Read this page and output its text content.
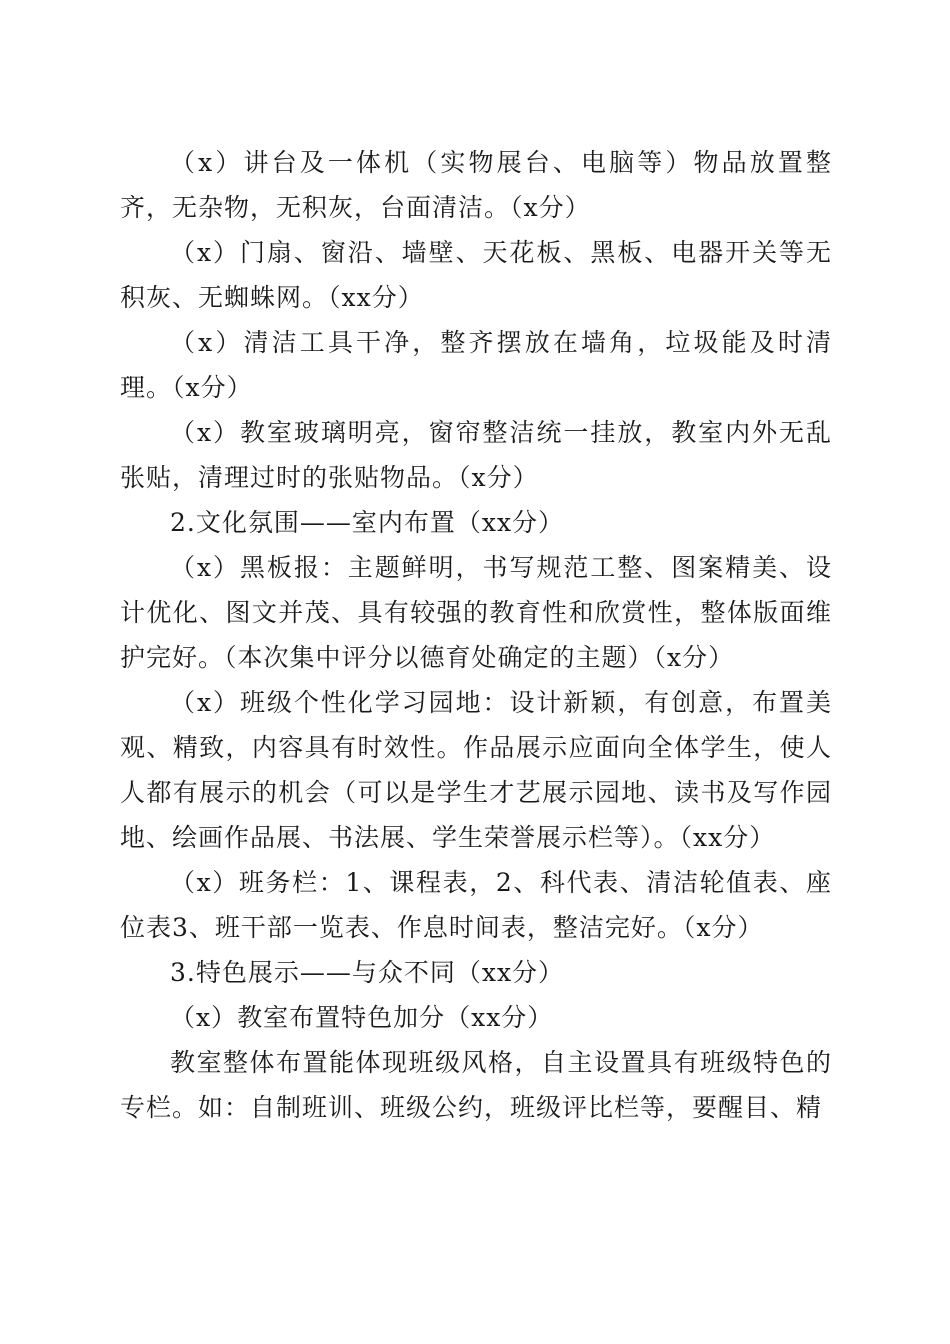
（x）讲台及一体机（实物展台、电脑等）物品放置整齐，无杂物，无积灰，台面清洁。（x分）

（x）门扇、窗沿、墙壁、天花板、黑板、电器开关等无积灰、无蜘蛛网。（xx分）

（x）清洁工具干净，整齐摆放在墙角，垃圾能及时清理。（x分）

（x）教室玻璃明亮，窗帘整洁统一挂放，教室内外无乱张贴，清理过时的张贴物品。（x分）

2.文化氛围——室内布置（xx分）

（x）黑板报：主题鲜明，书写规范工整、图案精美、设计优化、图文并茂、具有较强的教育性和欣赏性，整体版面维护完好。（本次集中评分以德育处确定的主题）（x分）

（x）班级个性化学习园地：设计新颖，有创意，布置美观、精致，内容具有时效性。作品展示应面向全体学生，使人人都有展示的机会（可以是学生才艺展示园地、读书及写作园地、绘画作品展、书法展、学生荣誉展示栏等）。（xx分）

（x）班务栏：1、课程表，2、科代表、清洁轮值表、座位表3、班干部一览表、作息时间表，整洁完好。（x分）

3.特色展示——与众不同（xx分）

（x）教室布置特色加分（xx分）

教室整体布置能体现班级风格，自主设置具有班级特色的专栏。如：自制班训、班级公约，班级评比栏等，要醒目、精
